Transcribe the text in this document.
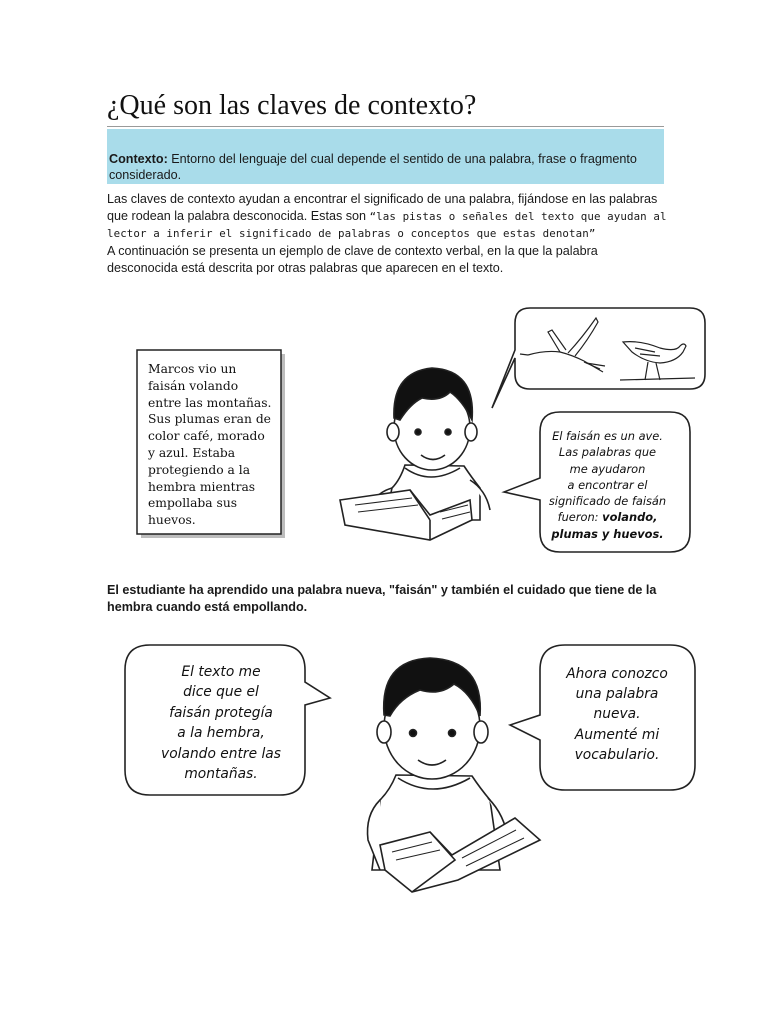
¿Qué son las claves de contexto?
Contexto: Entorno del lenguaje del cual depende el sentido de una palabra, frase o fragmento considerado.
Las claves de contexto ayudan a encontrar el significado de una palabra, fijándose en las palabras que rodean la palabra desconocida. Estas son “las pistas o señales del texto que ayudan al lector a inferir el significado de palabras o conceptos que estas denotan”
A continuación se presenta un ejemplo de clave de contexto verbal, en la que la palabra desconocida está descrita por otras palabras que aparecen en el texto.
Marcos vio un
faisán volando
entre las montañas.
Sus plumas eran de
color café, morado
y azul. Estaba
protegiendo a la
hembra mientras
empollaba sus
huevos.
El faisán es un ave.
Las palabras que
me ayudaron
a encontrar el
significado de faisán
fueron: volando,
plumas y huevos.
El estudiante ha aprendido una palabra nueva, "faisán" y también el cuidado que tiene de la hembra cuando está empollando.
El texto me
dice que el
faisán protegía
a la hembra,
volando entre las
montañas.
Ahora conozco
una palabra
nueva.
Aumenté mi
vocabulario.
